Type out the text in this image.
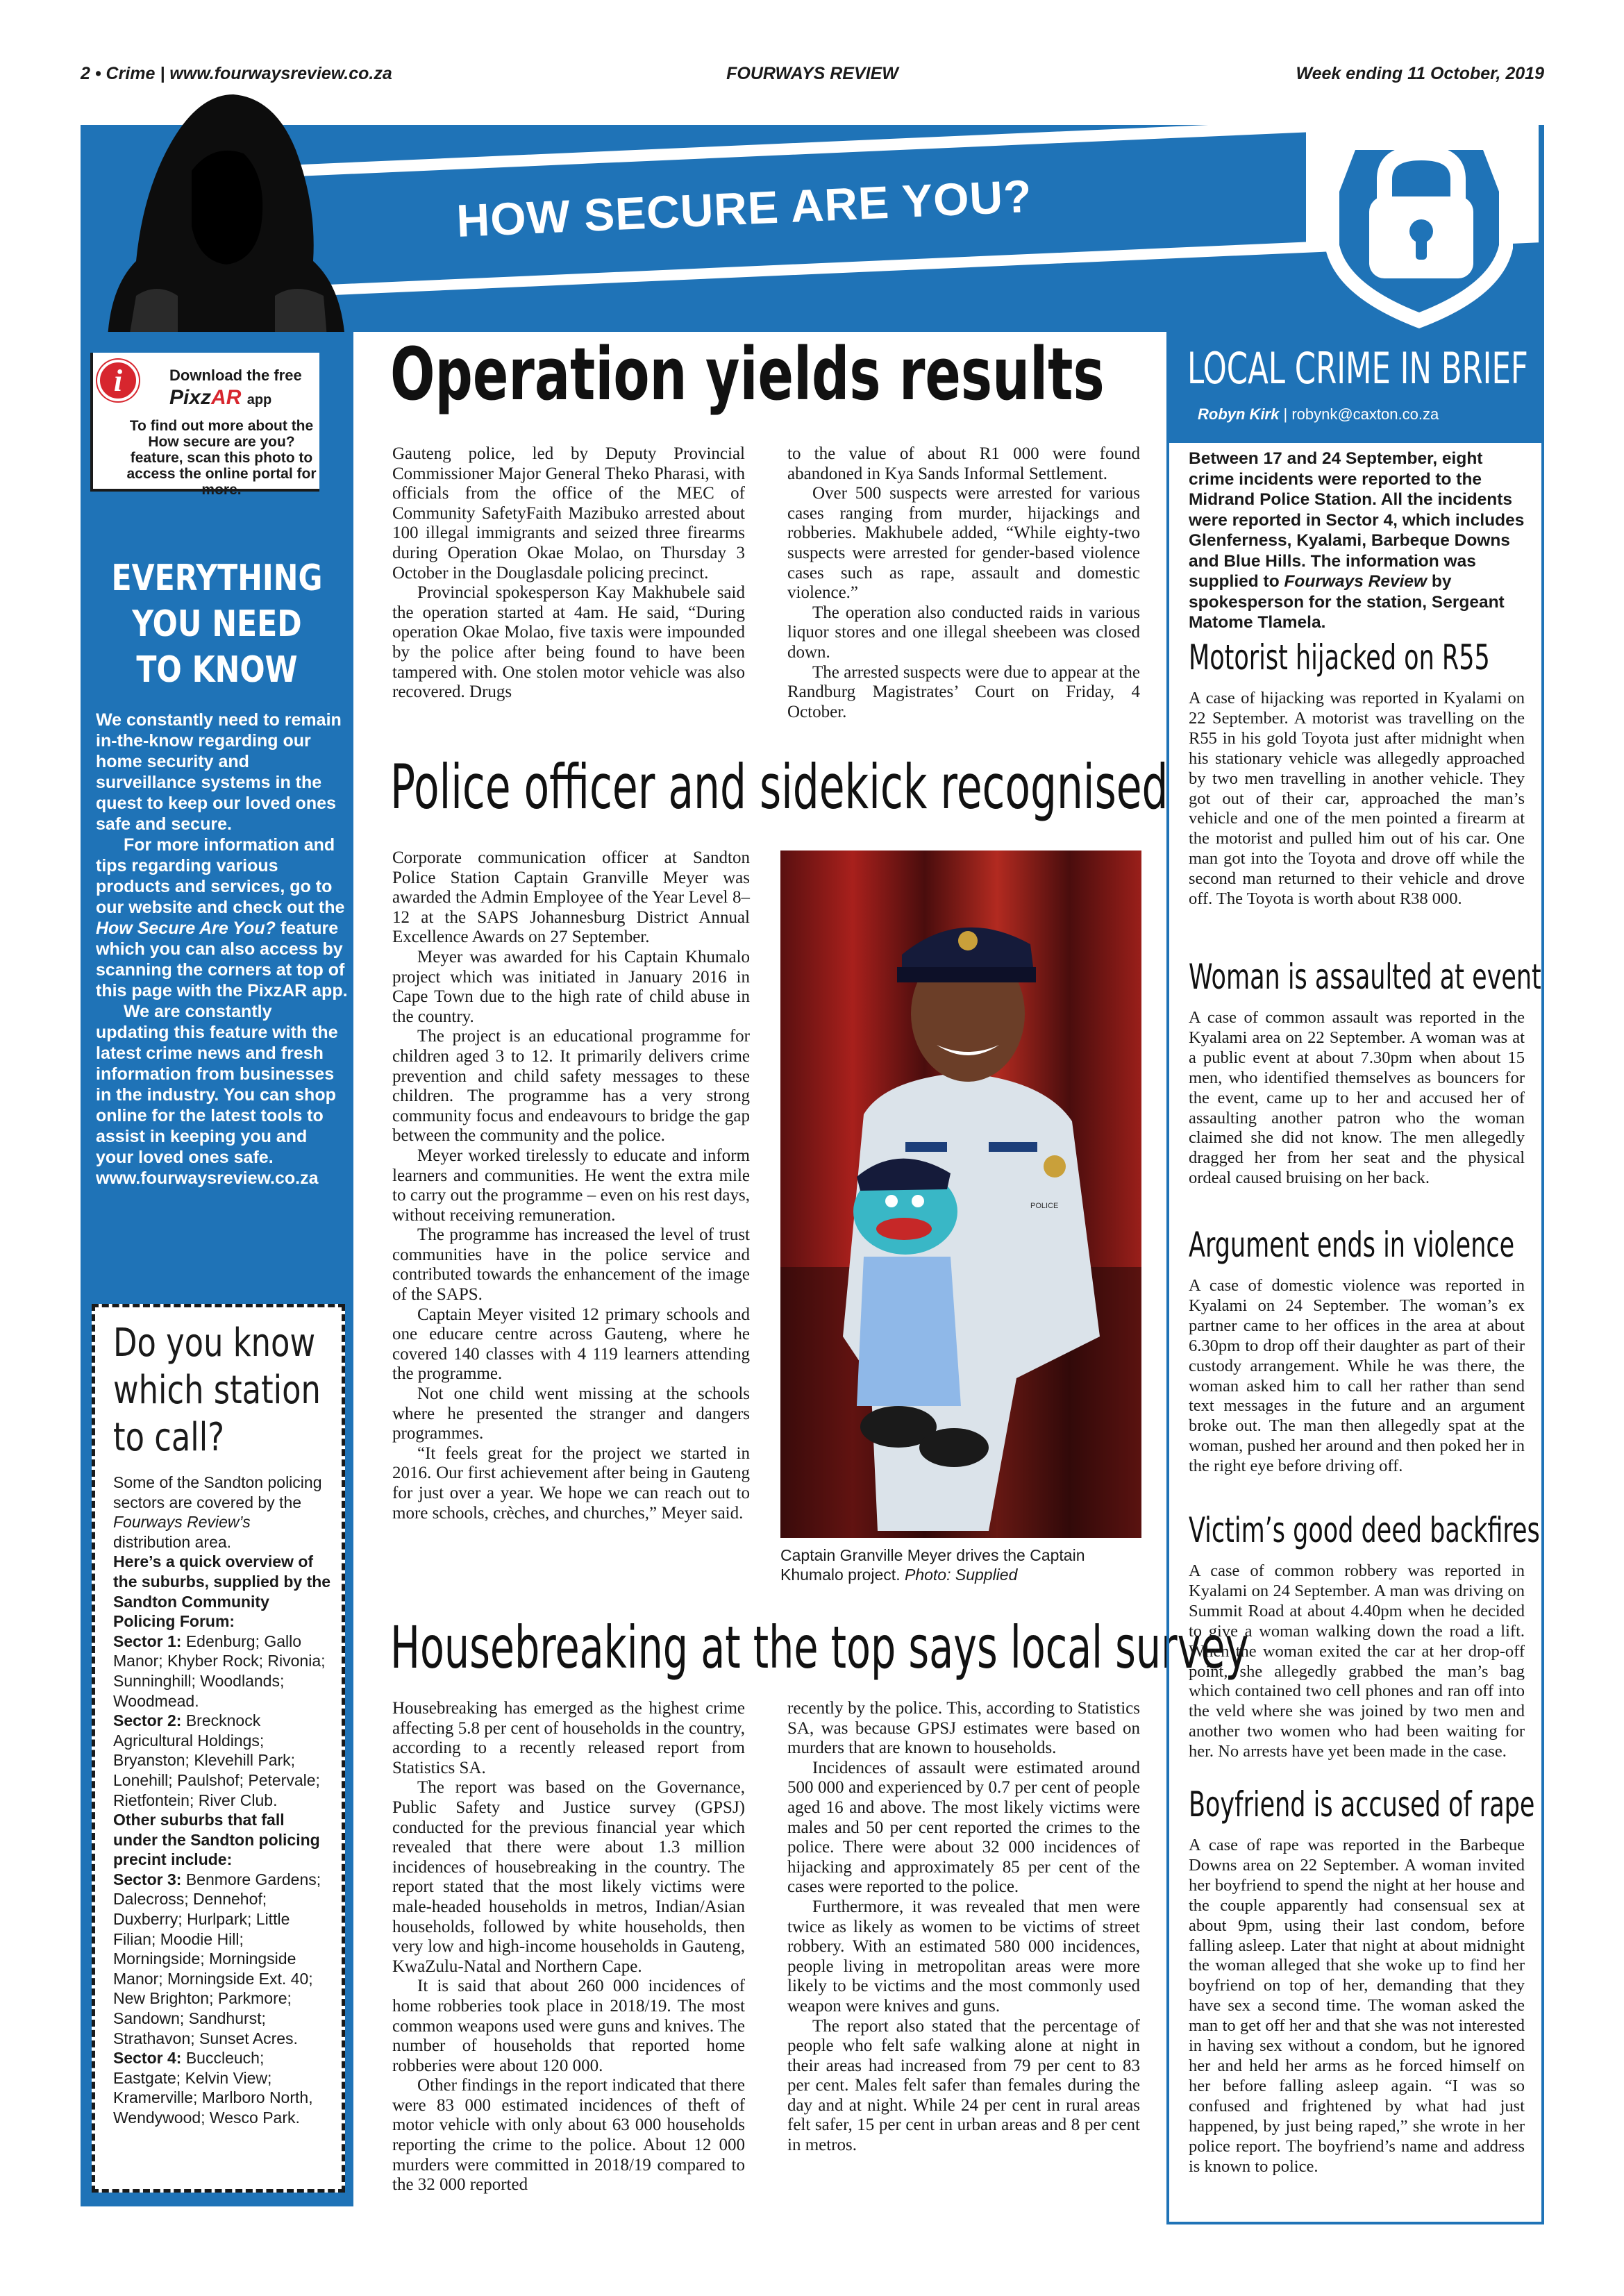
2 • Crime | www.fourwaysreview.co.za	FOURWAYS REVIEW	Week ending 11 October, 2019
HOW SECURE ARE YOU?
i	Download the free
PixzAR app
To find out more about the How secure are you? feature, scan this photo to access the online portal for more.
EVERYTHING YOU NEED TO KNOW

We constantly need to remain in-the-know regarding our home security and surveillance systems in the quest to keep our loved ones safe and secure.

For more information and tips regarding various products and services, go to our website and check out the How Secure Are You? feature which you can also access by scanning the corners at top of this page with the PixzAR app.

We are constantly updating this feature with the latest crime news and fresh information from businesses in the industry. You can shop online for the latest tools to assist in keeping you and your loved ones safe.

www.fourwaysreview.co.za

Do you know which station to call?

Some of the Sandton policing sectors are covered by the Fourways Review’s distribution area.

Here’s a quick overview of the suburbs, supplied by the Sandton Community Policing Forum:

Sector 1: Edenburg; Gallo Manor; Khyber Rock; Rivonia; Sunninghill; Woodlands; Woodmead.

Sector 2: Brecknock Agricultural Holdings; Bryanston; Klevehill Park; Lonehill; Paulshof; Petervale; Rietfontein; River Club.

Other suburbs that fall under the Sandton policing precint include:

Sector 3: Benmore Gardens; Dalecross; Dennehof; Duxberry; Hurlpark; Little Filian; Moodie Hill; Morningside; Morningside Manor; Morningside Ext. 40; New Brighton; Parkmore; Sandown; Sandhurst; Strathavon; Sunset Acres.

Sector 4: Buccleuch; Eastgate; Kelvin View; Kramerville; Marlboro North, Wendywood; Wesco Park.

Operation yields results

Gauteng police, led by Deputy Provincial Commissioner Major General Theko Pharasi, with officials from the office of the MEC of Community SafetyFaith Mazibuko arrested about 100 illegal immigrants and seized three firearms during Operation Okae Molao, on Thursday 3 October in the Douglasdale policing precinct.

Provincial spokesperson Kay Makhubele said the operation started at 4am. He said, “During operation Okae Molao, five taxis were impounded by the police after being found to have been tampered with. One stolen motor vehicle was also recovered. Drugs

to the value of about R1 000 were found abandoned in Kya Sands Informal Settlement.

Over 500 suspects were arrested for various cases ranging from murder, hijackings and robberies. Makhubele added, “While eighty-two suspects were arrested for gender-based violence cases such as rape, assault and domestic violence.”

The operation also conducted raids in various liquor stores and one illegal sheebeen was closed down.

The arrested suspects were due to appear at the Randburg Magistrates’ Court on Friday, 4 October.

Police officer and sidekick recognised

Corporate communication officer at Sandton Police Station Captain Granville Meyer was awarded the Admin Employee of the Year Level 8–12 at the SAPS Johannesburg District Annual Excellence Awards on 27 September.

Meyer was awarded for his Captain Khumalo project which was initiated in January 2016 in Cape Town due to the high rate of child abuse in the country.

The project is an educational programme for children aged 3 to 12. It primarily delivers crime prevention and child safety messages to these children. The programme has a very strong community focus and endeavours to bridge the gap between the community and the police.

Meyer worked tirelessly to educate and inform learners and communities. He went the extra mile to carry out the programme – even on his rest days, without receiving remuneration.

The programme has increased the level of trust communities have in the police service and contributed towards the enhancement of the image of the SAPS.

Captain Meyer visited 12 primary schools and one educare centre across Gauteng, where he covered 140 classes with 4 119 learners attending the programme.

Not one child went missing at the schools where he presented the stranger and dangers programmes.

“It feels great for the project we started in 2016. Our first achievement after being in Gauteng for just over a year. We hope we can reach out to more schools, crèches, and churches,” Meyer said.

POLICE
Captain Granville Meyer drives the Captain Khumalo project. Photo: Supplied
Housebreaking at the top says local survey

Housebreaking has emerged as the highest crime affecting 5.8 per cent of households in the country, according to a recently released report from Statistics SA.

The report was based on the Governance, Public Safety and Justice survey (GPSJ) conducted for the previous financial year which revealed that there were about 1.3 million incidences of housebreaking in the country. The report stated that the most likely victims were male-headed households in metros, Indian/Asian households, followed by white households, then very low and high-income households in Gauteng, KwaZulu-Natal and Northern Cape.

It is said that about 260 000 incidences of home robberies took place in 2018/19. The most common weapons used were guns and knives. The number of households that reported home robberies were about 120 000.

Other findings in the report indicated that there were 83 000 estimated incidences of theft of motor vehicle with only about 63 000 households reporting the crime to the police. About 12 000 murders were committed in 2018/19 compared to the 32 000 reported

recently by the police. This, according to Statistics SA, was because GPSJ estimates were based on murders that are known to households.

Incidences of assault were estimated around 500 000 and experienced by 0.7 per cent of people aged 16 and above. The most likely victims were males and 50 per cent reported the crimes to the police. There were about 32 000 incidences of hijacking and approximately 85 per cent of the cases were reported to the police.

Furthermore, it was revealed that men were twice as likely as women to be victims of street robbery. With an estimated 580 000 incidences, people living in metropolitan areas were more likely to be victims and the most commonly used weapon were knives and guns.

The report also stated that the percentage of people who felt safe walking alone at night in their areas had increased from 79 per cent to 83 per cent. Males felt safer than females during the day and at night. While 24 per cent in rural areas felt safer, 15 per cent in urban areas and 8 per cent in metros.

LOCAL CRIME IN BRIEF
Robyn Kirk | robynk@caxton.co.za
Between 17 and 24 September, eight crime incidents were reported to the Midrand Police Station. All the incidents were reported in Sector 4, which includes Glenferness, Kyalami, Barbeque Downs and Blue Hills. The information was supplied to Fourways Review by spokesperson for the station, Sergeant Matome Tlamela.
Motorist hijacked on R55
A case of hijacking was reported in Kyalami on 22 September. A motorist was travelling on the R55 in his gold Toyota just after midnight when his stationary vehicle was allegedly approached by two men travelling in another vehicle. They got out of their car, approached the man’s vehicle and one of the men pointed a firearm at the motorist and pulled him out of his car. One man got into the Toyota and drove off while the second man returned to their vehicle and drove off. The Toyota is worth about R38 000.
Woman is assaulted at event
A case of common assault was reported in the Kyalami area on 22 September. A woman was at a public event at about 7.30pm when about 15 men, who identified themselves as bouncers for the event, came up to her and accused her of assaulting another patron who the woman claimed she did not know. The men allegedly dragged her from her seat and the physical ordeal caused bruising on her back.
Argument ends in violence
A case of domestic violence was reported in Kyalami on 24 September. The woman’s ex partner came to her offices in the area at about 6.30pm to drop off their daughter as part of their custody arrangement. While he was there, the woman asked him to call her rather than send text messages in the future and an argument broke out. The man then allegedly spat at the woman, pushed her around and then poked her in the right eye before driving off.
Victim’s good deed backfires
A case of common robbery was reported in Kyalami on 24 September. A man was driving on Summit Road at about 4.40pm when he decided to give a woman walking down the road a lift. When the woman exited the car at her drop-off point, she allegedly grabbed the man’s bag which contained two cell phones and ran off into the veld where she was joined by two men and another two women who had been waiting for her. No arrests have yet been made in the case.
Boyfriend is accused of rape
A case of rape was reported in the Barbeque Downs area on 22 September. A woman invited her boyfriend to spend the night at her house and the couple apparently had consensual sex at about 9pm, using their last condom, before falling asleep. Later that night at about midnight the woman alleged that she woke up to find her boyfriend on top of her, demanding that they have sex a second time. The woman asked the man to get off her and that she was not interested in having sex without a condom, but he ignored her and held her arms as he forced himself on her before falling asleep again. “I was so confused and frightened by what had just happened, by just being raped,” she wrote in her police report. The boyfriend’s name and address is known to police.
